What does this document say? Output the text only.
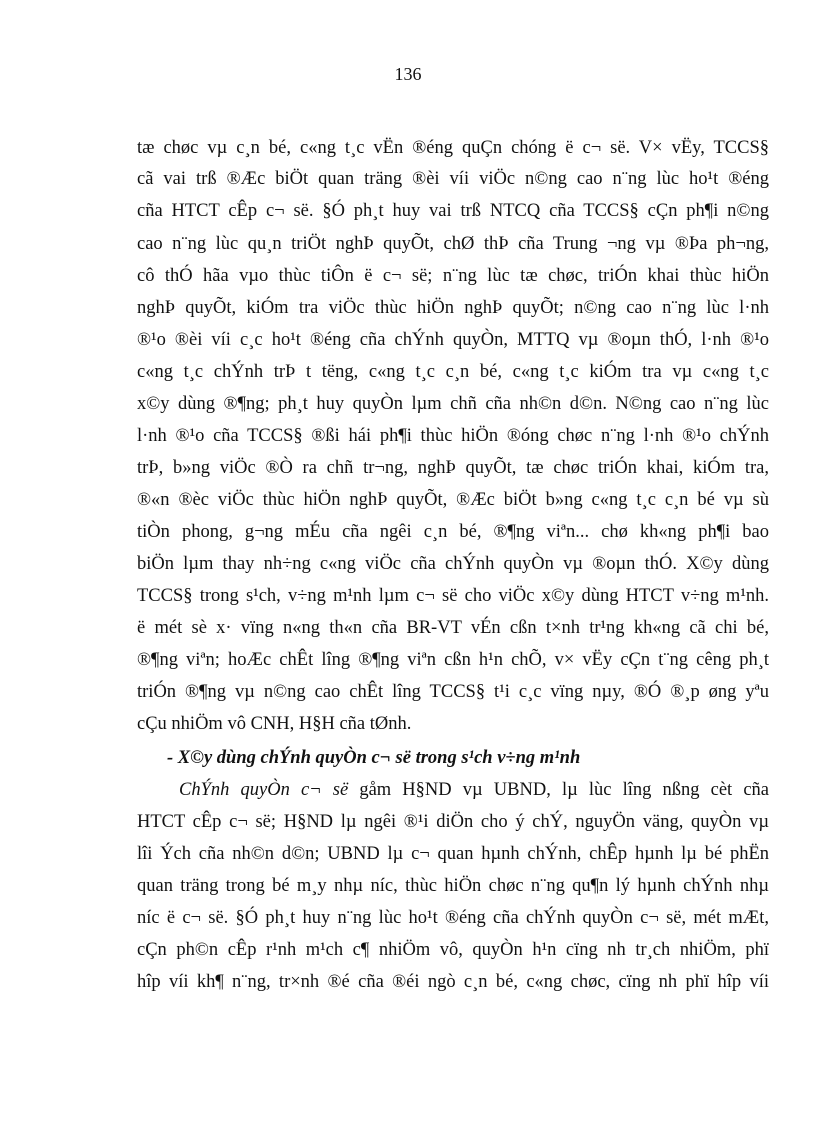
136
tæ chøc vµ c¸n bé, c«ng t¸c vËn ®éng quÇn chóng ë c¬ së. V× vËy, TCCS§
cã vai trß ®Æc biÖt quan träng ®èi víi viÖc n©ng cao n¨ng lùc ho¹t ®éng
cña HTCT cÊp c¬ së. §Ó ph¸t huy vai trß NTCQ cña TCCS§ cÇn ph¶i n©ng
cao n¨ng lùc qu¸n triÖt nghÞ quyÕt, chØ thÞ cña Trung ¬ng vµ ®Þa ph¬ng,
cô thÓ hãa vµo thùc tiÔn ë c¬ së; n¨ng lùc tæ chøc, triÓn khai thùc hiÖn
nghÞ quyÕt, kiÓm tra viÖc thùc hiÖn nghÞ quyÕt; n©ng cao n¨ng lùc l·nh
®¹o ®èi víi c¸c ho¹t ®éng cña chÝnh quyÒn, MTTQ vµ ®oµn thÓ, l·nh ®¹o
c«ng t¸c chÝnh trÞ t tëng, c«ng t¸c c¸n bé, c«ng t¸c kiÓm tra vµ c«ng t¸c
x©y dùng ®¶ng; ph¸t huy quyÒn lµm chñ cña nh©n d©n. N©ng cao n¨ng lùc
l·nh ®¹o cña TCCS§ ®ßi hái ph¶i thùc hiÖn ®óng chøc n¨ng l·nh ®¹o chÝnh
trÞ, b»ng viÖc ®Ò ra chñ tr¬ng, nghÞ quyÕt, tæ chøc triÓn khai, kiÓm tra,
®«n ®èc viÖc thùc hiÖn nghÞ quyÕt, ®Æc biÖt b»ng c«ng t¸c c¸n bé vµ sù
tiÒn phong, g¬ng mÉu cña ngêi c¸n bé, ®¶ng viªn... chø kh«ng ph¶i bao
biÖn lµm thay nh÷ng c«ng viÖc cña chÝnh quyÒn vµ ®oµn thÓ. X©y dùng
TCCS§ trong s¹ch, v÷ng m¹nh lµm c¬ së cho viÖc x©y dùng HTCT v÷ng m¹nh.
ë mét sè x· vïng n«ng th«n cña BR-VT vÉn cßn t×nh tr¹ng kh«ng cã chi bé,
®¶ng viªn; hoÆc chÊt lîng ®¶ng viªn cßn h¹n chÕ, v× vËy cÇn t¨ng cêng ph¸t
triÓn ®¶ng vµ n©ng cao chÊt lîng TCCS§ t¹i c¸c vïng nµy, ®Ó ®¸p øng yªu
cÇu nhiÖm vô CNH, H§H cña tØnh.
- X©y dùng chÝnh quyÒn c¬ së trong s¹ch v÷ng m¹nh
ChÝnh quyÒn c¬ së gåm H§ND vµ UBND, lµ lùc lîng nßng cèt cña
HTCT cÊp c¬ së; H§ND lµ ngêi ®¹i diÖn cho ý chÝ, nguyÖn väng, quyÒn vµ
lîi Ých cña nh©n d©n; UBND lµ c¬ quan hµnh chÝnh, chÊp hµnh lµ bé phËn
quan träng trong bé m¸y nhµ níc, thùc hiÖn chøc n¨ng qu¶n lý hµnh chÝnh nhµ
níc ë c¬ së. §Ó ph¸t huy n¨ng lùc ho¹t ®éng cña chÝnh quyÒn c¬ së, mét mÆt,
cÇn ph©n cÊp r¹nh m¹ch c¶ nhiÖm vô, quyÒn h¹n cïng nh tr¸ch nhiÖm, phï
hîp víi kh¶ n¨ng, tr×nh ®é cña ®éi ngò c¸n bé, c«ng chøc, cïng nh phï hîp víi
